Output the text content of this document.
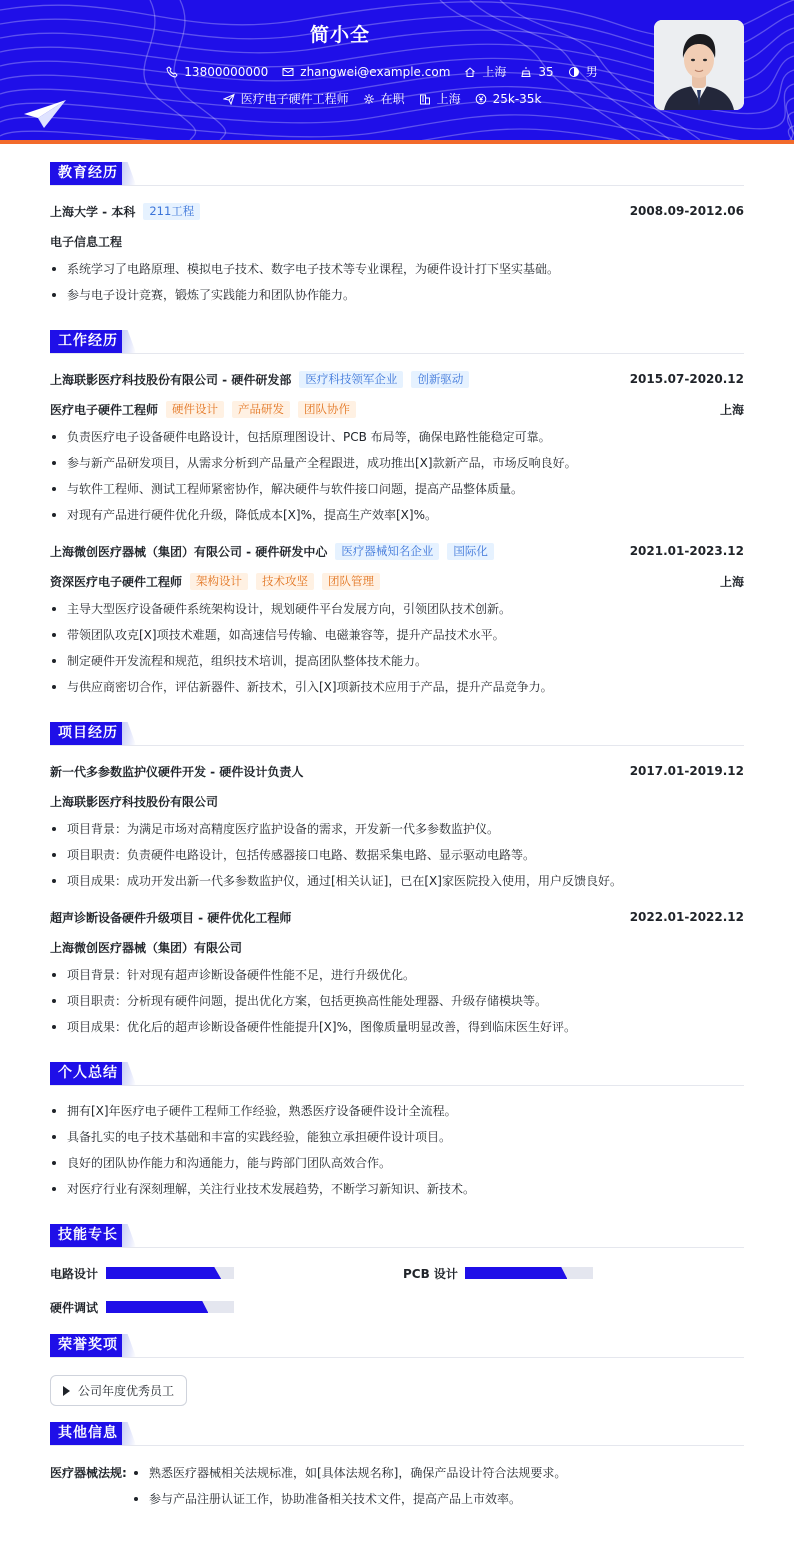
简小全
13800000000	zhangwei@example.com	上海	35	男
医疗电子硬件工程师	在职	上海	25k-35k
教育经历
上海大学 - 本科	211工程	2008.09-2012.06
电子信息工程
系统学习了电路原理、模拟电子技术、数字电子技术等专业课程，为硬件设计打下坚实基础。
参与电子设计竞赛，锻炼了实践能力和团队协作能力。
工作经历
上海联影医疗科技股份有限公司 - 硬件研发部	医疗科技领军企业	创新驱动	2015.07-2020.12
医疗电子硬件工程师	硬件设计	产品研发	团队协作	上海
负责医疗电子设备硬件电路设计，包括原理图设计、PCB 布局等，确保电路性能稳定可靠。
参与新产品研发项目，从需求分析到产品量产全程跟进，成功推出[X]款新产品，市场反响良好。
与软件工程师、测试工程师紧密协作，解决硬件与软件接口问题，提高产品整体质量。
对现有产品进行硬件优化升级，降低成本[X]%，提高生产效率[X]%。
上海微创医疗器械（集团）有限公司 - 硬件研发中心	医疗器械知名企业	国际化	2021.01-2023.12
资深医疗电子硬件工程师	架构设计	技术攻坚	团队管理	上海
主导大型医疗设备硬件系统架构设计，规划硬件平台发展方向，引领团队技术创新。
带领团队攻克[X]项技术难题，如高速信号传输、电磁兼容等，提升产品技术水平。
制定硬件开发流程和规范，组织技术培训，提高团队整体技术能力。
与供应商密切合作，评估新器件、新技术，引入[X]项新技术应用于产品，提升产品竞争力。
项目经历
新一代多参数监护仪硬件开发 - 硬件设计负责人	2017.01-2019.12
上海联影医疗科技股份有限公司
项目背景：为满足市场对高精度医疗监护设备的需求，开发新一代多参数监护仪。
项目职责：负责硬件电路设计，包括传感器接口电路、数据采集电路、显示驱动电路等。
项目成果：成功开发出新一代多参数监护仪，通过[相关认证]，已在[X]家医院投入使用，用户反馈良好。
超声诊断设备硬件升级项目 - 硬件优化工程师	2022.01-2022.12
上海微创医疗器械（集团）有限公司
项目背景：针对现有超声诊断设备硬件性能不足，进行升级优化。
项目职责：分析现有硬件问题，提出优化方案，包括更换高性能处理器、升级存储模块等。
项目成果：优化后的超声诊断设备硬件性能提升[X]%，图像质量明显改善，得到临床医生好评。
个人总结
拥有[X]年医疗电子硬件工程师工作经验，熟悉医疗设备硬件设计全流程。
具备扎实的电子技术基础和丰富的实践经验，能独立承担硬件设计项目。
良好的团队协作能力和沟通能力，能与跨部门团队高效合作。
对医疗行业有深刻理解，关注行业技术发展趋势，不断学习新知识、新技术。
技能专长
电路设计	PCB 设计
硬件调试
荣誉奖项
公司年度优秀员工
其他信息
医疗器械法规:	熟悉医疗器械相关法规标准，如[具体法规名称]，确保产品设计符合法规要求。
参与产品注册认证工作，协助准备相关技术文件，提高产品上市效率。
